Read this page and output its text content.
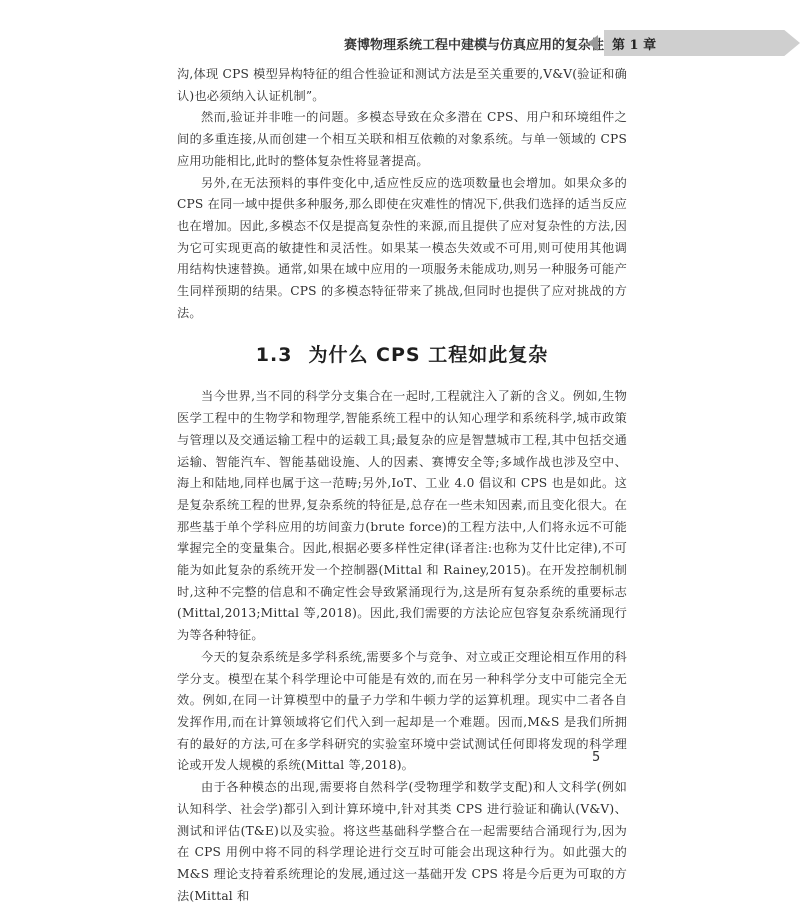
赛博物理系统工程中建模与仿真应用的复杂性 第 1 章

沟,体现 CPS 模型异构特征的组合性验证和测试方法是至关重要的,V&V(验证和确认)也必须纳入认证机制”。

然而,验证并非唯一的问题。多模态导致在众多潜在 CPS、用户和环境组件之间的多重连接,从而创建一个相互关联和相互依赖的对象系统。与单一领域的 CPS 应用功能相比,此时的整体复杂性将显著提高。

另外,在无法预料的事件变化中,适应性反应的选项数量也会增加。如果众多的 CPS 在同一域中提供多种服务,那么即使在灾难性的情况下,供我们选择的适当反应也在增加。因此,多模态不仅是提高复杂性的来源,而且提供了应对复杂性的方法,因为它可实现更高的敏捷性和灵活性。如果某一模态失效或不可用,则可使用其他调用结构快速替换。通常,如果在域中应用的一项服务未能成功,则另一种服务可能产生同样预期的结果。CPS 的多模态特征带来了挑战,但同时也提供了应对挑战的方法。

1.3 为什么 CPS 工程如此复杂

当今世界,当不同的科学分支集合在一起时,工程就注入了新的含义。例如,生物医学工程中的生物学和物理学,智能系统工程中的认知心理学和系统科学,城市政策与管理以及交通运输工程中的运载工具;最复杂的应是智慧城市工程,其中包括交通运输、智能汽车、智能基础设施、人的因素、赛博安全等;多域作战也涉及空中、海上和陆地,同样也属于这一范畴;另外,IoT、工业 4.0 倡议和 CPS 也是如此。这是复杂系统工程的世界,复杂系统的特征是,总存在一些未知因素,而且变化很大。在那些基于单个学科应用的坊间蛮力(brute force)的工程方法中,人们将永远不可能掌握完全的变量集合。因此,根据必要多样性定律(译者注:也称为艾什比定律),不可能为如此复杂的系统开发一个控制器(Mittal 和 Rainey,2015)。在开发控制机制时,这种不完整的信息和不确定性会导致紧涌现行为,这是所有复杂系统的重要标志(Mittal,2013;Mittal 等,2018)。因此,我们需要的方法论应包容复杂系统涌现行为等各种特征。

今天的复杂系统是多学科系统,需要多个与竞争、对立或正交理论相互作用的科学分支。模型在某个科学理论中可能是有效的,而在另一种科学分支中可能完全无效。例如,在同一计算模型中的量子力学和牛顿力学的运算机理。现实中二者各自发挥作用,而在计算领域将它们代入到一起却是一个难题。因而,M&S 是我们所拥有的最好的方法,可在多学科研究的实验室环境中尝试测试任何即将发现的科学理论或开发人规模的系统(Mittal 等,2018)。

由于各种模态的出现,需要将自然科学(受物理学和数学支配)和人文科学(例如认知科学、社会学)都引入到计算环境中,针对其类 CPS 进行验证和确认(V&V)、测试和评估(T&E)以及实验。将这些基础科学整合在一起需要结合涌现行为,因为在 CPS 用例中将不同的科学理论进行交互时可能会出现这种行为。如此强大的 M&S 理论支持着系统理论的发展,通过这一基础开发 CPS 将是今后更为可取的方法(Mittal 和

5
